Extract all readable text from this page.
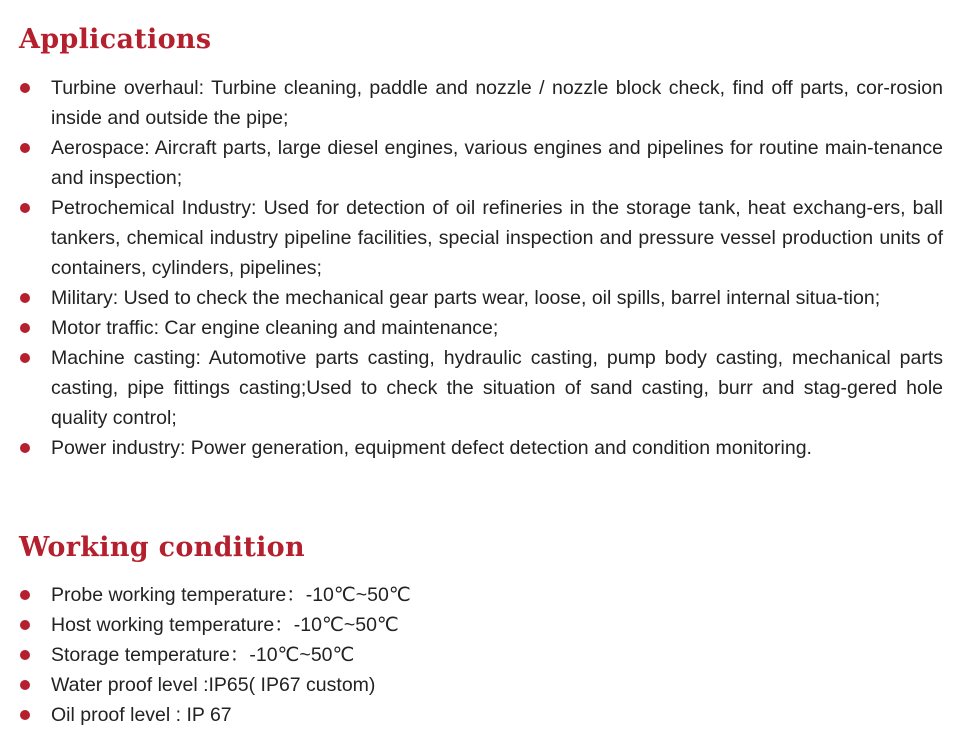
Applications
Turbine overhaul: Turbine cleaning, paddle and nozzle / nozzle block check, find off parts, cor-rosion inside and outside the pipe;
Aerospace: Aircraft parts, large diesel engines, various engines and pipelines for routine main-tenance and inspection;
Petrochemical Industry: Used for detection of oil refineries in the storage tank, heat exchang-ers, ball tankers, chemical industry pipeline facilities, special inspection and pressure vessel production units of containers, cylinders, pipelines;
Military: Used to check the mechanical gear parts wear, loose, oil spills, barrel internal situa-tion;
Motor traffic: Car engine cleaning and maintenance;
Machine casting: Automotive parts casting, hydraulic casting, pump body casting, mechanical parts casting, pipe fittings casting;Used to check the situation of sand casting, burr and stag-gered hole quality control;
Power industry: Power generation, equipment defect detection and condition monitoring.
Working condition
Probe working temperature：-10℃~50℃
Host working temperature：-10℃~50℃
Storage temperature：-10℃~50℃
Water proof level :IP65( IP67 custom)
Oil proof level : IP 67
